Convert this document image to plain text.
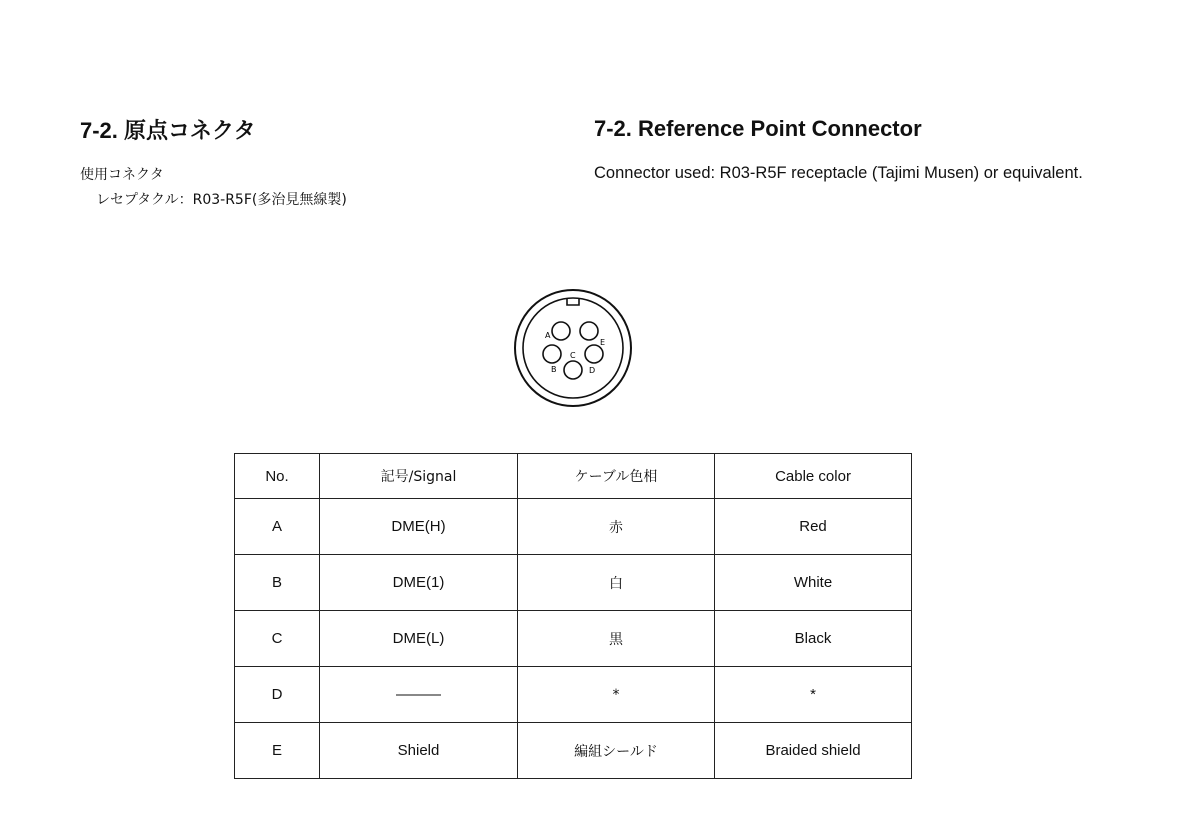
7-2. 原点コネクタ
使用コネクタ
レセプタクル：R03-R5F(多治見無線製)
7-2. Reference Point Connector
Connector used: R03-R5F receptacle (Tajimi Musen) or equivalent.
A
B
C
D
E
No.	記号/Signal	ケーブル色相	Cable color
A	DME(H)	赤	Red
B	DME(1)	白	White
C	DME(L)	黒	Black
D	———	*	*
E	Shield	編組シールド	Braided shield
